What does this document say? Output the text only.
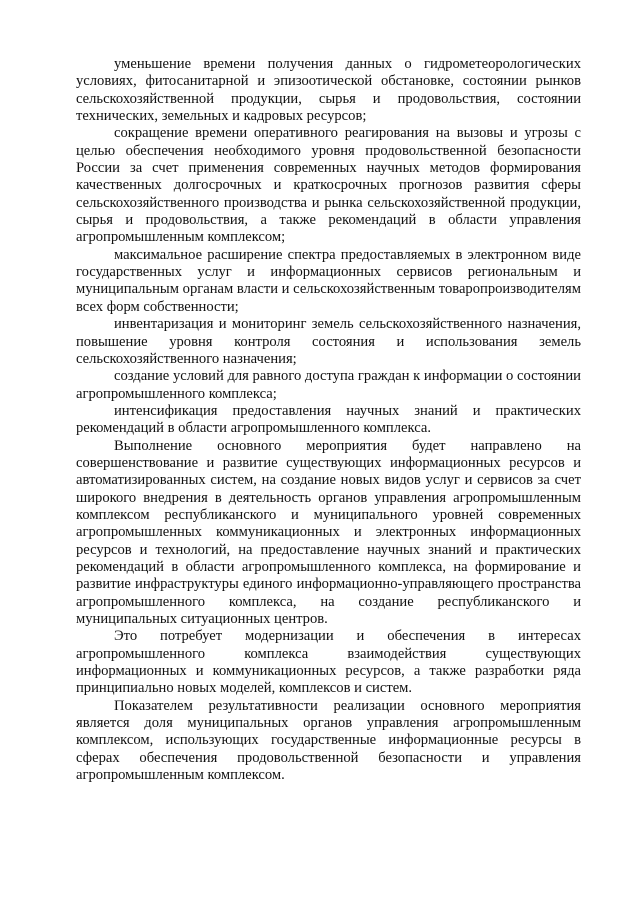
уменьшение времени получения данных о гидрометеорологических условиях, фитосанитарной и эпизоотической обстановке, состоянии рынков сельскохозяйственной продукции, сырья и продовольствия, состоянии технических, земельных и кадровых ресурсов;

сокращение времени оперативного реагирования на вызовы и угрозы с целью обеспечения необходимого уровня продовольственной безопасности России за счет применения современных научных методов формирования качественных долгосрочных и краткосрочных прогнозов развития сферы сельскохозяйственного производства и рынка сельскохозяйственной продукции, сырья и продовольствия, а также рекомендаций в области управления агропромышленным комплексом;

максимальное расширение спектра предоставляемых в электронном виде государственных услуг и информационных сервисов региональным и муниципальным органам власти и сельскохозяйственным товаропроизводителям всех форм собственности;

инвентаризация и мониторинг земель сельскохозяйственного назначения, повышение уровня контроля состояния и использования земель сельскохозяйственного назначения;

создание условий для равного доступа граждан к информации о состоянии агропромышленного комплекса;

интенсификация предоставления научных знаний и практических рекомендаций в области агропромышленного комплекса.

Выполнение основного мероприятия будет направлено на совершенствование и развитие существующих информационных ресурсов и автоматизированных систем, на создание новых видов услуг и сервисов за счет широкого внедрения в деятельность органов управления агропромышленным комплексом республиканского и муниципального уровней современных агропромышленных коммуникационных и электронных информационных ресурсов и технологий, на предоставление научных знаний и практических рекомендаций в области агропромышленного комплекса, на формирование и развитие инфраструктуры единого информационно-управляющего пространства агропромышленного комплекса, на создание республиканского и муниципальных ситуационных центров.

Это потребует модернизации и обеспечения в интересах агропромышленного комплекса взаимодействия существующих информационных и коммуникационных ресурсов, а также разработки ряда принципиально новых моделей, комплексов и систем.

Показателем результативности реализации основного мероприятия является доля муниципальных органов управления агропромышленным комплексом, использующих государственные информационные ресурсы в сферах обеспечения продовольственной безопасности и управления агропромышленным комплексом.
